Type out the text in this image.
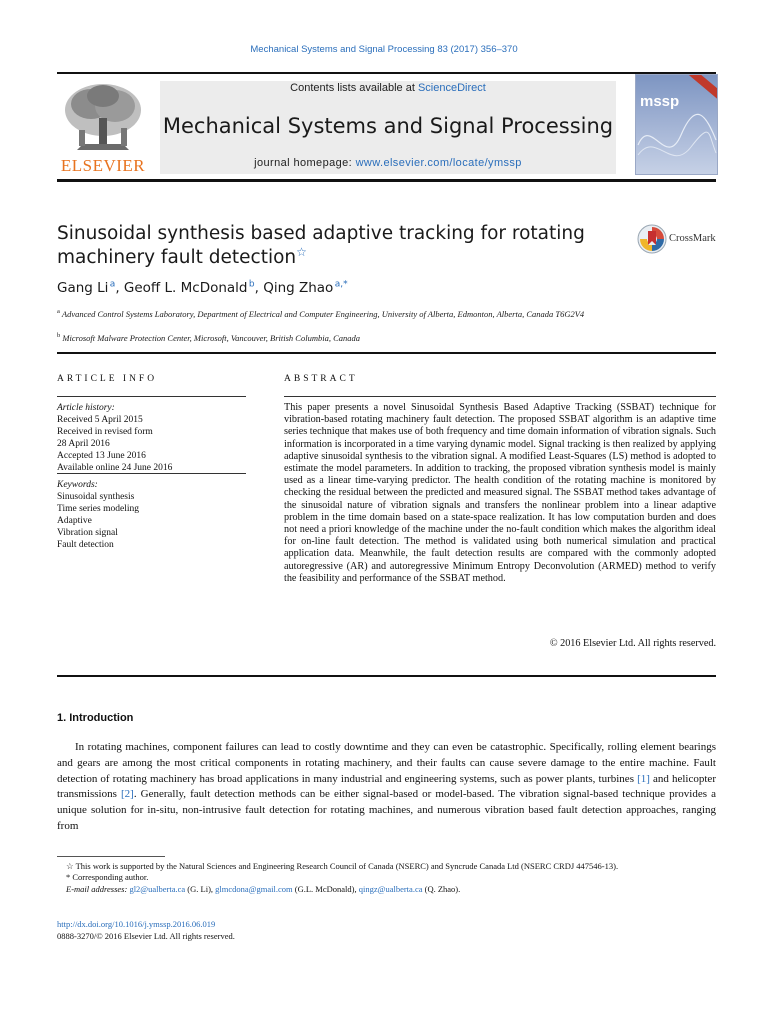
Mechanical Systems and Signal Processing 83 (2017) 356–370
ELSEVIER
Contents lists available at ScienceDirect
Mechanical Systems and Signal Processing
journal homepage: www.elsevier.com/locate/ymssp
mssp
Sinusoidal synthesis based adaptive tracking for rotating machinery fault detection☆
CrossMark
Gang Li $^a$, Geoff L. McDonald $^b$, Qing Zhao $^{a,*}$
$^a$ Advanced Control Systems Laboratory, Department of Electrical and Computer Engineering, University of Alberta, Edmonton, Alberta, Canada T6G2V4
$^b$ Microsoft Malware Protection Center, Microsoft, Vancouver, British Columbia, Canada
ARTICLE INFO
Article history:
Received 5 April 2015
Received in revised form
28 April 2016
Accepted 13 June 2016
Available online 24 June 2016
Keywords:
Sinusoidal synthesis
Time series modeling
Adaptive
Vibration signal
Fault detection
ABSTRACT
This paper presents a novel Sinusoidal Synthesis Based Adaptive Tracking (SSBAT) technique for vibration-based rotating machinery fault detection. The proposed SSBAT algorithm is an adaptive time series technique that makes use of both frequency and time domain information of vibration signals. Such information is incorporated in a time varying dynamic model. Signal tracking is then realized by applying adaptive sinusoidal synthesis to the vibration signal. A modified Least-Squares (LS) method is adopted to estimate the model parameters. In addition to tracking, the proposed vibration synthesis model is mainly used as a linear time-varying predictor. The health condition of the rotating machine is monitored by checking the residual between the predicted and measured signal. The SSBAT method takes advantage of the sinusoidal nature of vibration signals and transfers the nonlinear problem into a linear adaptive problem in the time domain based on a state-space realization. It has low computation burden and does not need a priori knowledge of the machine under the no-fault condition which makes the algorithm ideal for on-line fault detection. The method is validated using both numerical simulation and practical application data. Meanwhile, the fault detection results are compared with the commonly adopted autoregressive (AR) and autoregressive Minimum Entropy Deconvolution (ARMED) method to verify the feasibility and performance of the SSBAT method.
© 2016 Elsevier Ltd. All rights reserved.
1. Introduction
In rotating machines, component failures can lead to costly downtime and they can even be catastrophic. Specifically, rolling element bearings and gears are among the most critical components in rotating machinery, and their faults can cause severe damage to the entire machine. Fault detection of rotating machinery has broad applications in many industrial and engineering systems, such as power plants, turbines [1] and helicopter transmissions [2]. Generally, fault detection methods can be either signal-based or model-based. The vibration signal-based technique provides a unique solution for in-situ, non-intrusive fault detection for rotating machines, and numerous vibration based fault detection approaches, ranging from
☆ This work is supported by the Natural Sciences and Engineering Research Council of Canada (NSERC) and Syncrude Canada Ltd (NSERC CRDJ 447546-13).
* Corresponding author.
E-mail addresses: gl2@ualberta.ca (G. Li), glmcdona@gmail.com (G.L. McDonald), qingz@ualberta.ca (Q. Zhao).
http://dx.doi.org/10.1016/j.ymssp.2016.06.019
0888-3270/© 2016 Elsevier Ltd. All rights reserved.
